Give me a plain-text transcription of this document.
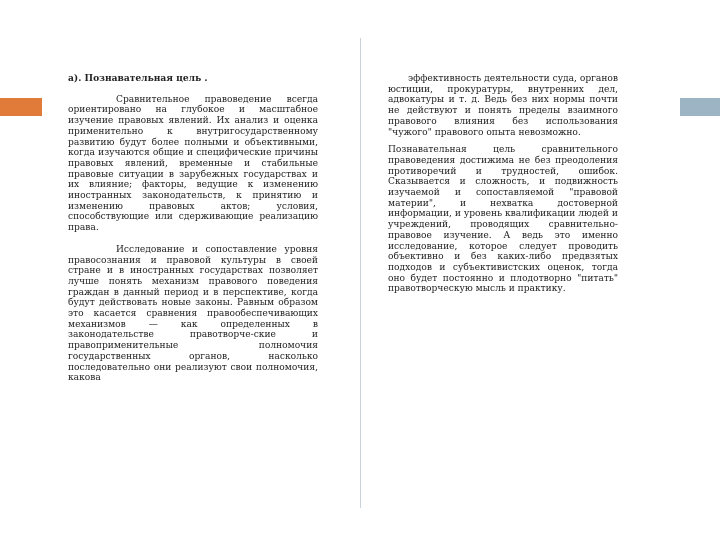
а). Познавательная цель .

Сравнительное правоведение всегда ориентировано на глубокое и масштабное изучение правовых явлений. Их анализ и оценка применительно к внутригосударственному развитию будут более полными и объективными, когда изучаются общие и специфические причины правовых явлений, временные и стабильные правовые ситуации в зарубежных государствах и их влияние; факторы, ведущие к изменению иностранных законодательств, к принятию и изменению правовых актов; условия, способствующие или сдерживающие реализацию права.

Исследование и сопоставление уровня правосознания и правовой культуры в своей стране и в иностранных государствах позволяет лучше понять механизм правового поведения граждан в данный период и в перспективе, когда будут действовать новые законы. Равным образом это касается сравнения правообеспечивающих механизмов — как определенных в законодательстве правотворче-ские и правоприменительные полномочия государственных органов, насколько последовательно они реализуют свои полномочия, какова

эффективность деятельности суда, органов юстиции, прокуратуры, внутренних дел, адвокатуры и т. д. Ведь без них нормы почти не действуют и понять пределы взаимного правового влияния без использования "чужого" правового опыта невозможно.

Познавательная цель сравнительного правоведения достижима не без преодоления противоречий и трудностей, ошибок. Сказывается и сложность, и подвижность изучаемой и сопоставляемой "правовой материи", и нехватка достоверной информации, и уровень квалификации людей и учреждений, проводящих сравнительно-правовое изучение. А ведь это именно исследование, которое следует проводить объективно и без каких-либо предвзятых подходов и субъективистских оценок, тогда оно будет постоянно и плодотворно "питать" правотворческую мысль и практику.
